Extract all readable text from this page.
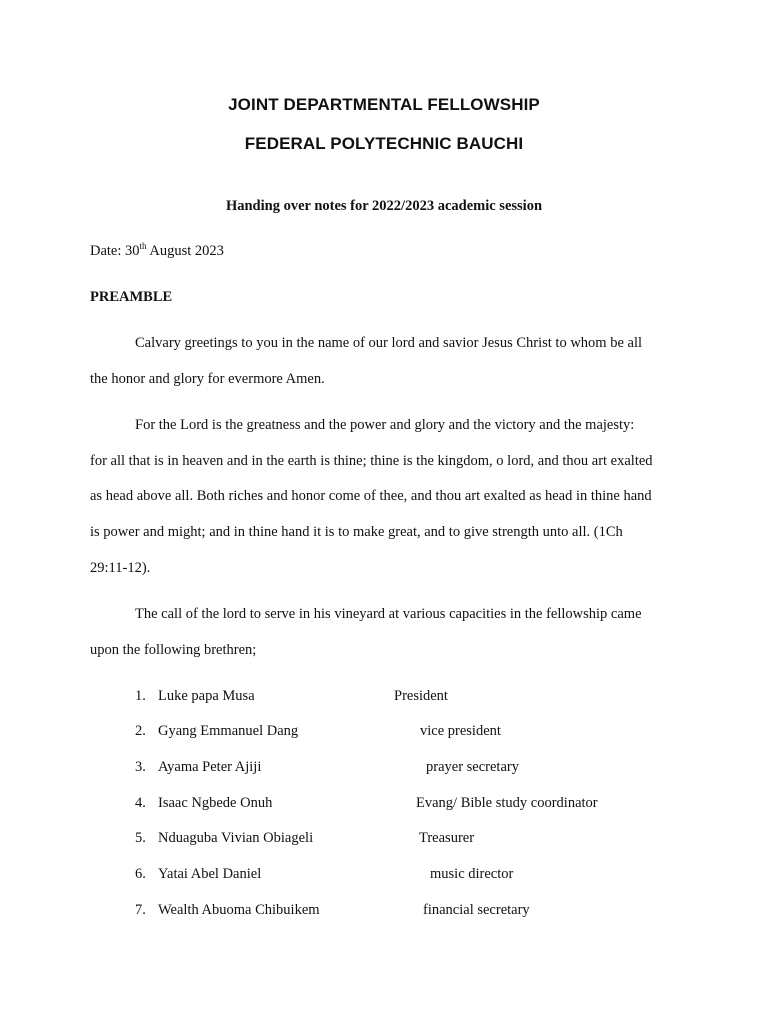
JOINT DEPARTMENTAL FELLOWSHIP
FEDERAL POLYTECHNIC BAUCHI
Handing over notes for 2022/2023 academic session
Date: 30th August 2023
PREAMBLE
Calvary greetings to you in the name of our lord and savior Jesus Christ to whom be all
the honor and glory for evermore Amen.
For the Lord is the greatness and the power and glory and the victory and the majesty:
for all that is in heaven and in the earth is thine; thine is the kingdom, o lord, and thou art exalted
as head above all. Both riches and honor come of thee, and thou art exalted as head in thine hand
is power and might; and in thine hand it is to make great, and to give strength unto all. (1Ch
29:11-12).
The call of the lord to serve in his vineyard at various capacities in the fellowship came
upon the following brethren;
1. Luke papa Musa	President
2. Gyang Emmanuel Dang	vice president
3. Ayama Peter Ajiji	prayer secretary
4. Isaac Ngbede Onuh	Evang/ Bible study coordinator
5. Nduaguba Vivian Obiageli	Treasurer
6. Yatai Abel Daniel	music director
7. Wealth Abuoma Chibuikem	financial secretary
